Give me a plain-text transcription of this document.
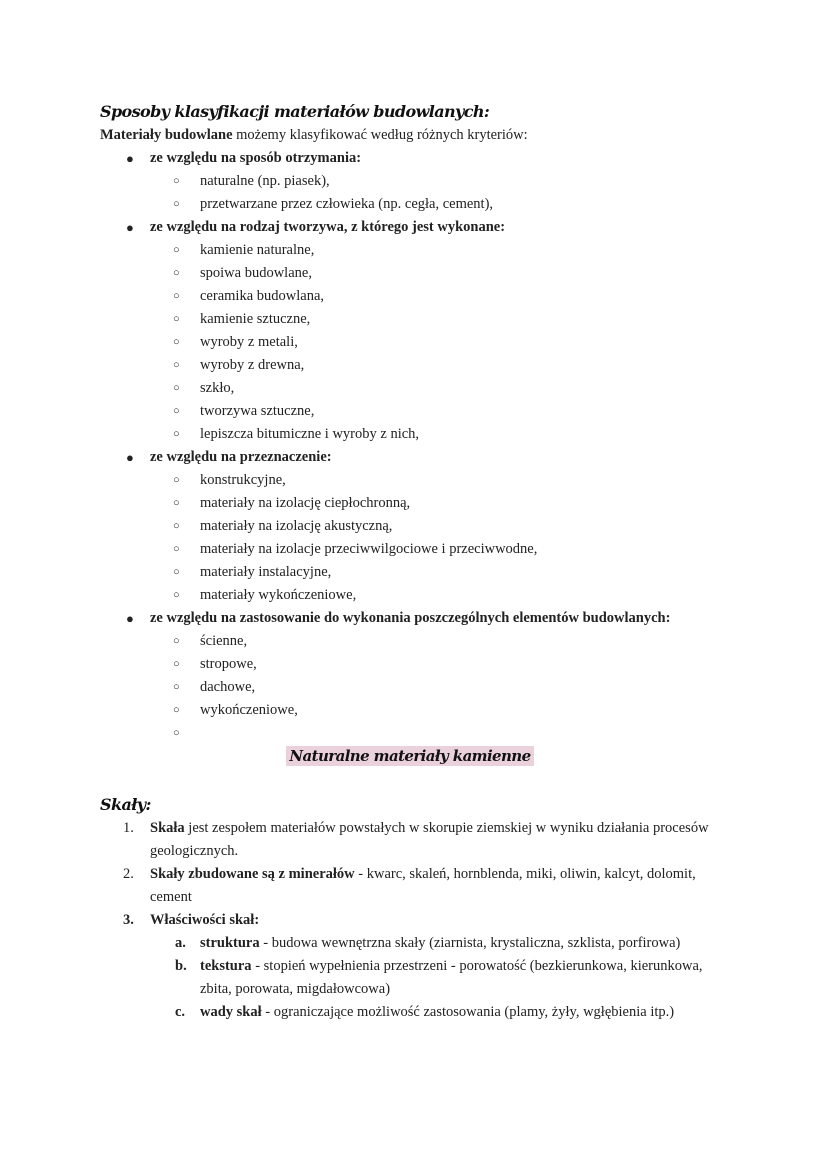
Sposoby klasyfikacji materiałów budowlanych:
Materiały budowlane możemy klasyfikować według różnych kryteriów:
● ze względu na sposób otrzymania:
○ naturalne (np. piasek),
○ przetwarzane przez człowieka (np. cegła, cement),
● ze względu na rodzaj tworzywa, z którego jest wykonane:
○ kamienie naturalne,
○ spoiwa budowlane,
○ ceramika budowlana,
○ kamienie sztuczne,
○ wyroby z metali,
○ wyroby z drewna,
○ szkło,
○ tworzywa sztuczne,
○ lepiszcza bitumiczne i wyroby z nich,
● ze względu na przeznaczenie:
○ konstrukcyjne,
○ materiały na izolację ciepłochronną,
○ materiały na izolację akustyczną,
○ materiały na izolacje przeciwwilgociowe i przeciwwodne,
○ materiały instalacyjne,
○ materiały wykończeniowe,
● ze względu na zastosowanie do wykonania poszczególnych elementów budowlanych:
○ ścienne,
○ stropowe,
○ dachowe,
○ wykończeniowe,
○
Naturalne materiały kamienne
Skały:
1. Skała jest zespołem materiałów powstałych w skorupie ziemskiej w wyniku działania procesów geologicznych.
2. Skały zbudowane są z minerałów - kwarc, skaleń, hornblenda, miki, oliwin, kalcyt, dolomit, cement
3. Właściwości skał:
a. struktura - budowa wewnętrzna skały (ziarnista, krystaliczna, szklista, porfirowa)
b. tekstura - stopień wypełnienia przestrzeni - porowatość (bezkierunkowa, kierunkowa, zbita, porowata, migdałowcowa)
c. wady skał - ograniczające możliwość zastosowania (plamy, żyły, wgłębienia itp.)
